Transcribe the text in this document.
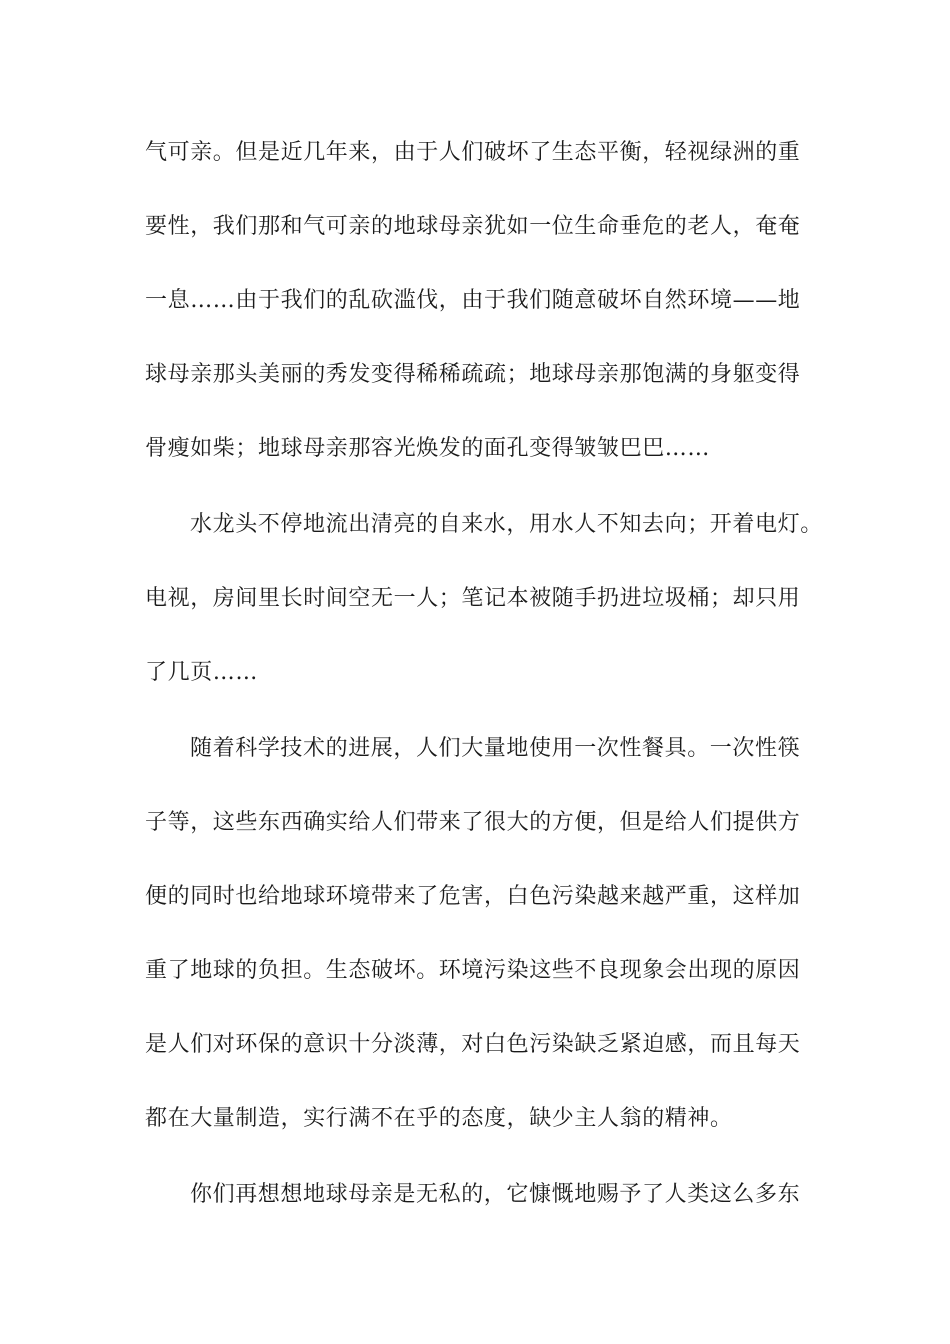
气可亲。但是近几年来，由于人们破坏了生态平衡，轻视绿洲的重
要性，我们那和气可亲的地球母亲犹如一位生命垂危的老人，奄奄
一息……由于我们的乱砍滥伐，由于我们随意破坏自然环境——地
球母亲那头美丽的秀发变得稀稀疏疏；地球母亲那饱满的身躯变得
骨瘦如柴；地球母亲那容光焕发的面孔变得皱皱巴巴……
水龙头不停地流出清亮的自来水，用水人不知去向；开着电灯。
电视，房间里长时间空无一人；笔记本被随手扔进垃圾桶；却只用
了几页……
随着科学技术的进展，人们大量地使用一次性餐具。一次性筷
子等，这些东西确实给人们带来了很大的方便，但是给人们提供方
便的同时也给地球环境带来了危害，白色污染越来越严重，这样加
重了地球的负担。生态破坏。环境污染这些不良现象会出现的原因
是人们对环保的意识十分淡薄，对白色污染缺乏紧迫感，而且每天
都在大量制造，实行满不在乎的态度，缺少主人翁的精神。
你们再想想地球母亲是无私的，它慷慨地赐予了人类这么多东
